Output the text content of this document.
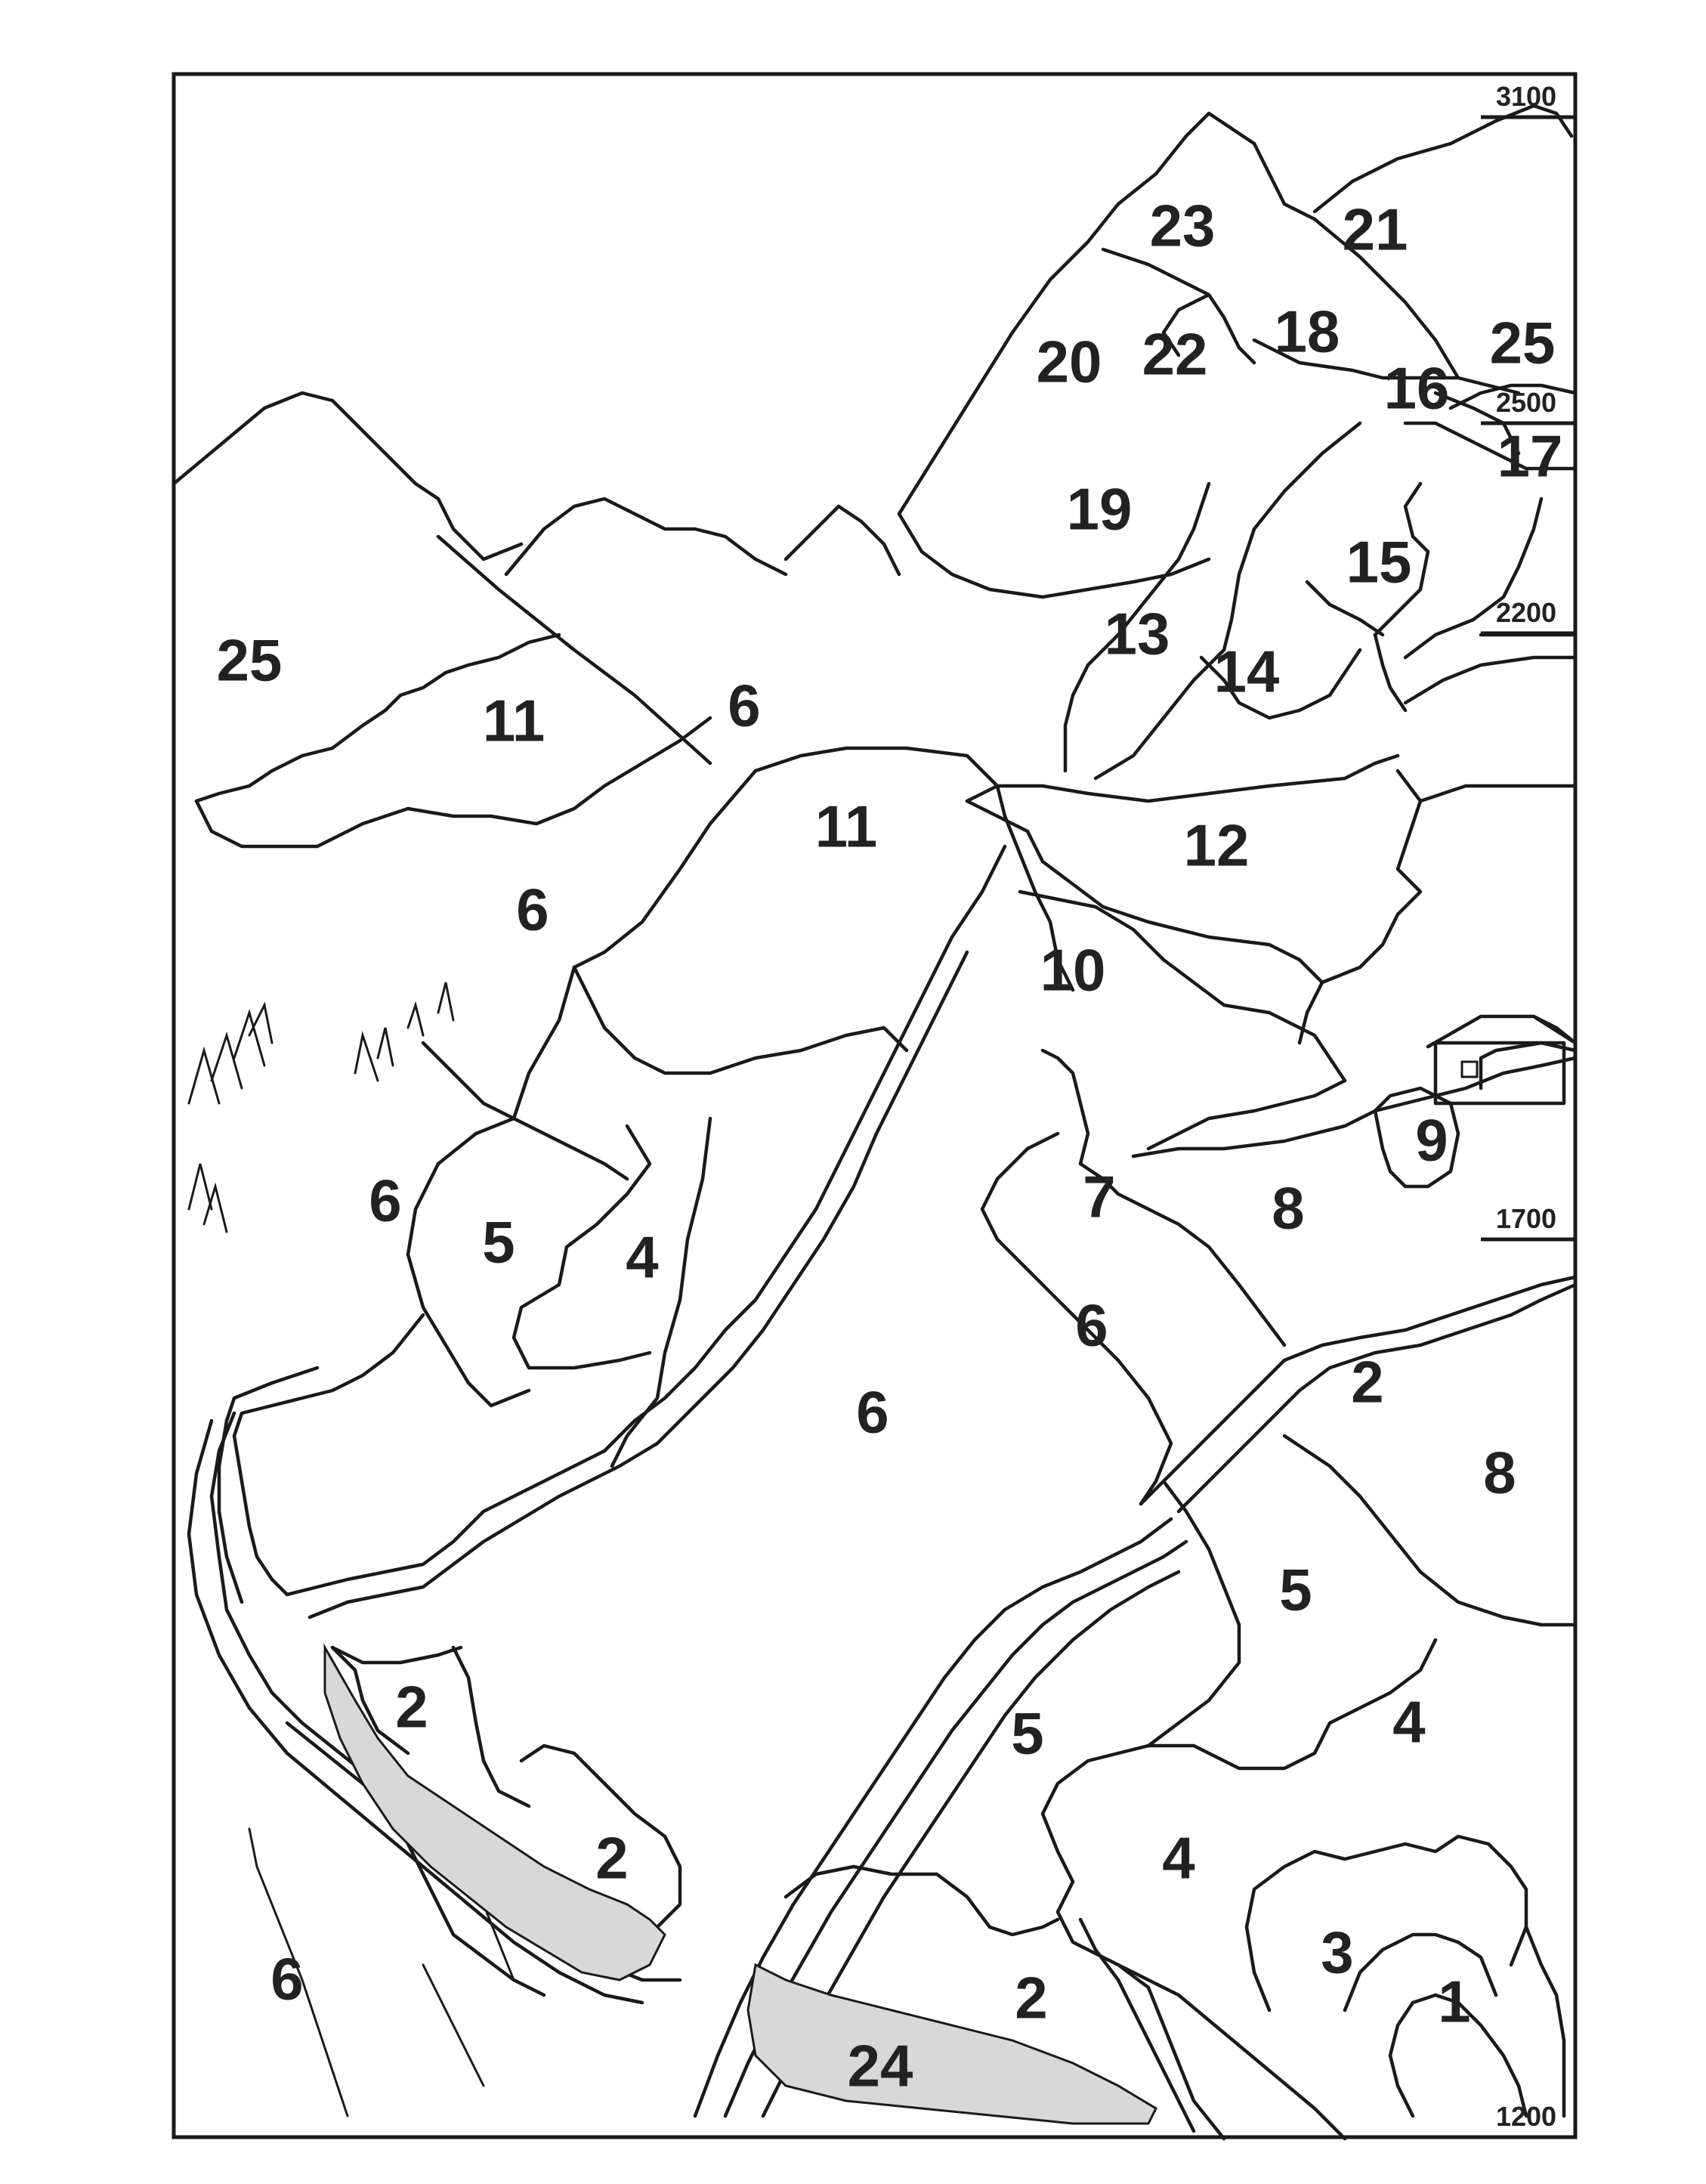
3100
2500
2200
1700
1200
25
11	6
11
6
23 21
20 22 18	25
16
17
19
15
13
14
12
10
9
8
7
6
5 4
6
6	2
8
5
4
5
2
2	4
3
1
6	2
24
